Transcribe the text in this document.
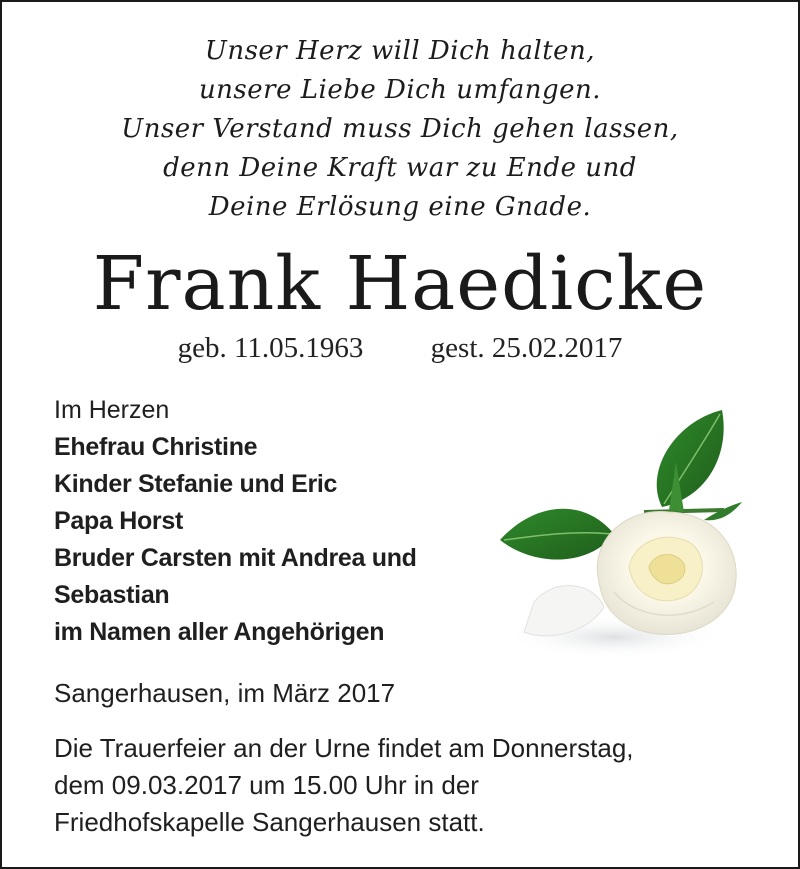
Unser Herz will Dich halten,
unsere Liebe Dich umfangen.
Unser Verstand muss Dich gehen lassen,
denn Deine Kraft war zu Ende und
Deine Erlösung eine Gnade.
Frank Haedicke
geb. 11.05.1963 gest. 25.02.2017
Im Herzen
Ehefrau Christine
Kinder Stefanie und Eric
Papa Horst
Bruder Carsten mit Andrea und
Sebastian
im Namen aller Angehörigen
Sangerhausen, im März 2017
Die Trauerfeier an der Urne findet am Donnerstag,
dem 09.03.2017 um 15.00 Uhr in der
Friedhofskapelle Sangerhausen statt.
